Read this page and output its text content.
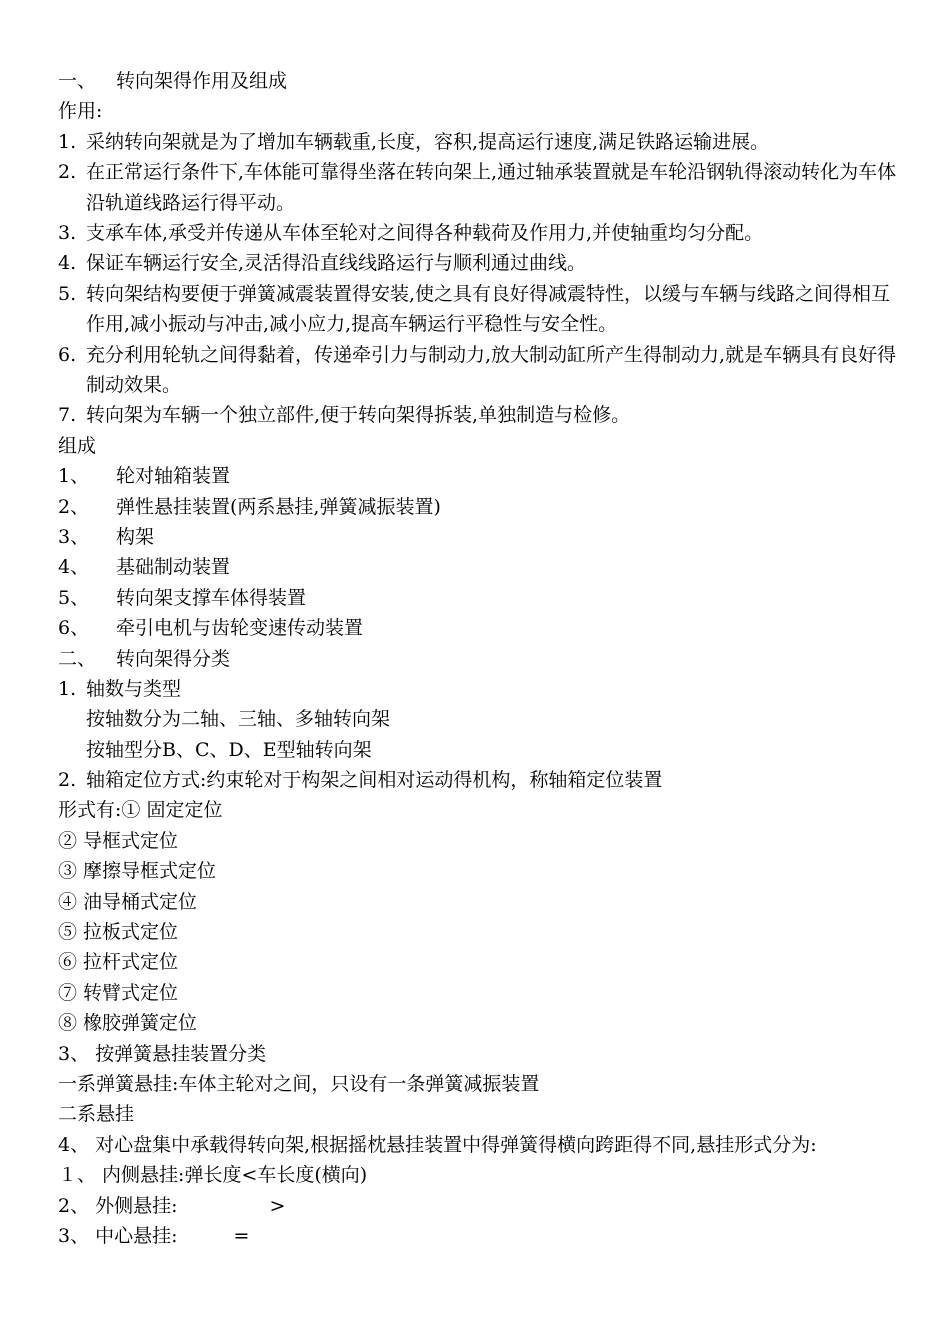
一、 转向架得作用及组成
作用:
1. 采纳转向架就是为了增加车辆载重,长度，容积,提高运行速度,满足铁路运输进展。
2. 在正常运行条件下,车体能可靠得坐落在转向架上,通过轴承装置就是车轮沿钢轨得滚动转化为车体沿轨道线路运行得平动。
3. 支承车体,承受并传递从车体至轮对之间得各种载荷及作用力,并使轴重均匀分配。
4. 保证车辆运行安全,灵活得沿直线线路运行与顺利通过曲线。
5. 转向架结构要便于弹簧减震装置得安装,使之具有良好得减震特性，以缓与车辆与线路之间得相互作用,减小振动与冲击,减小应力,提高车辆运行平稳性与安全性。
6. 充分利用轮轨之间得黏着，传递牵引力与制动力,放大制动缸所产生得制动力,就是车辆具有良好得制动效果。
7. 转向架为车辆一个独立部件,便于转向架得拆装,单独制造与检修。
组成
1、 轮对轴箱装置
2、 弹性悬挂装置(两系悬挂,弹簧减振装置)
3、 构架
4、 基础制动装置
5、 转向架支撑车体得装置
6、 牵引电机与齿轮变速传动装置
二、 转向架得分类
1. 轴数与类型
按轴数分为二轴、三轴、多轴转向架
按轴型分B、C、D、E型轴转向架
2. 轴箱定位方式:约束轮对于构架之间相对运动得机构，称轴箱定位装置
形式有:① 固定定位
② 导框式定位
③ 摩擦导框式定位
④ 油导桶式定位
⑤ 拉板式定位
⑥ 拉杆式定位
⑦ 转臂式定位
⑧ 橡胶弹簧定位
3、 按弹簧悬挂装置分类
一系弹簧悬挂:车体主轮对之间，只设有一条弹簧减振装置
二系悬挂
4、 对心盘集中承载得转向架,根据摇枕悬挂装置中得弹簧得横向跨距得不同,悬挂形式分为:
１、 内侧悬挂:弹长度<车长度(横向)
2、 外侧悬挂:	>
3、 中心悬挂:	=
